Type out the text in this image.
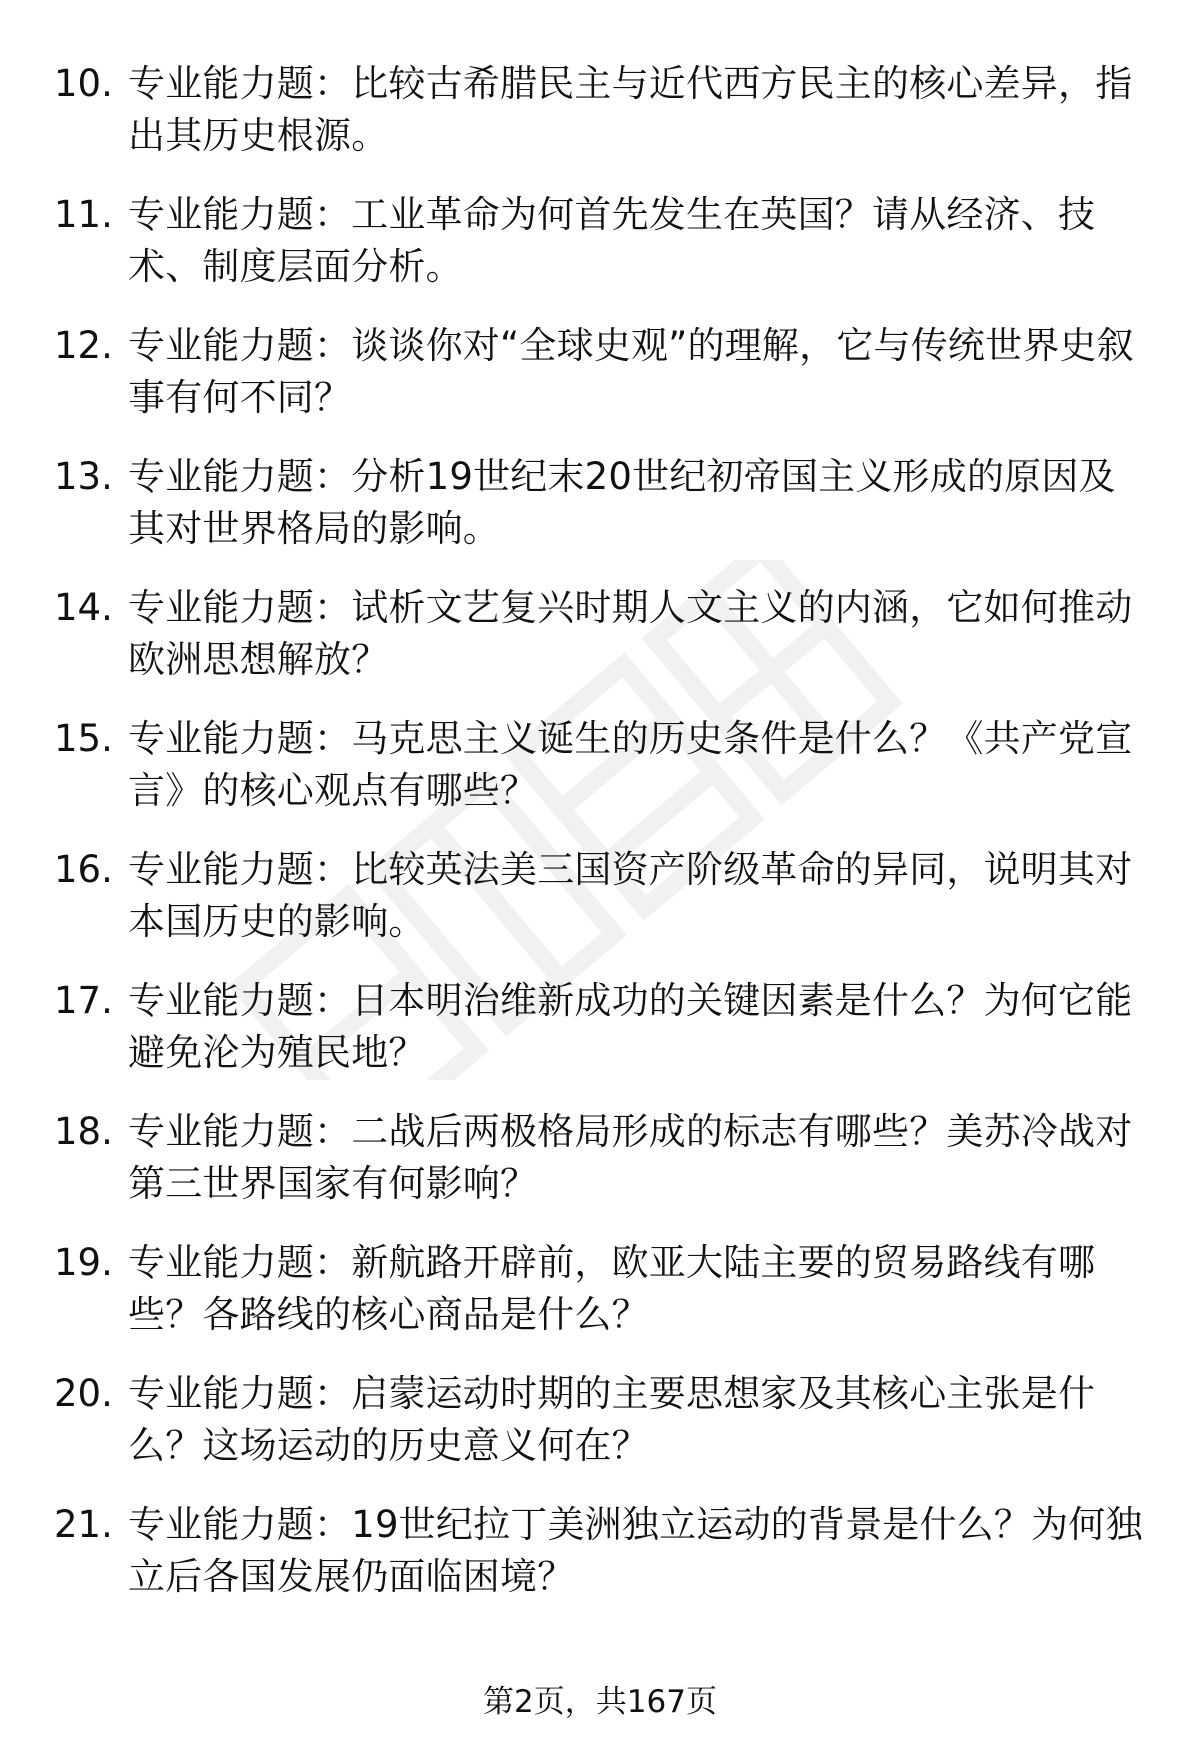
10. 专业能力题：比较古希腊民主与近代西方民主的核心差异，指出其历史根源。
11. 专业能力题：工业革命为何首先发生在英国？请从经济、技术、制度层面分析。
12. 专业能力题：谈谈你对“全球史观”的理解，它与传统世界史叙事有何不同？
13. 专业能力题：分析19世纪末20世纪初帝国主义形成的原因及其对世界格局的影响。
14. 专业能力题：试析文艺复兴时期人文主义的内涵，它如何推动欧洲思想解放？
15. 专业能力题：马克思主义诞生的历史条件是什么？《共产党宣言》的核心观点有哪些？
16. 专业能力题：比较英法美三国资产阶级革命的异同，说明其对本国历史的影响。
17. 专业能力题：日本明治维新成功的关键因素是什么？为何它能避免沦为殖民地？
18. 专业能力题：二战后两极格局形成的标志有哪些？美苏冷战对第三世界国家有何影响？
19. 专业能力题：新航路开辟前，欧亚大陆主要的贸易路线有哪些？各路线的核心商品是什么？
20. 专业能力题：启蒙运动时期的主要思想家及其核心主张是什么？这场运动的历史意义何在？
21. 专业能力题：19世纪拉丁美洲独立运动的背景是什么？为何独立后各国发展仍面临困境？
第2页，共167页
